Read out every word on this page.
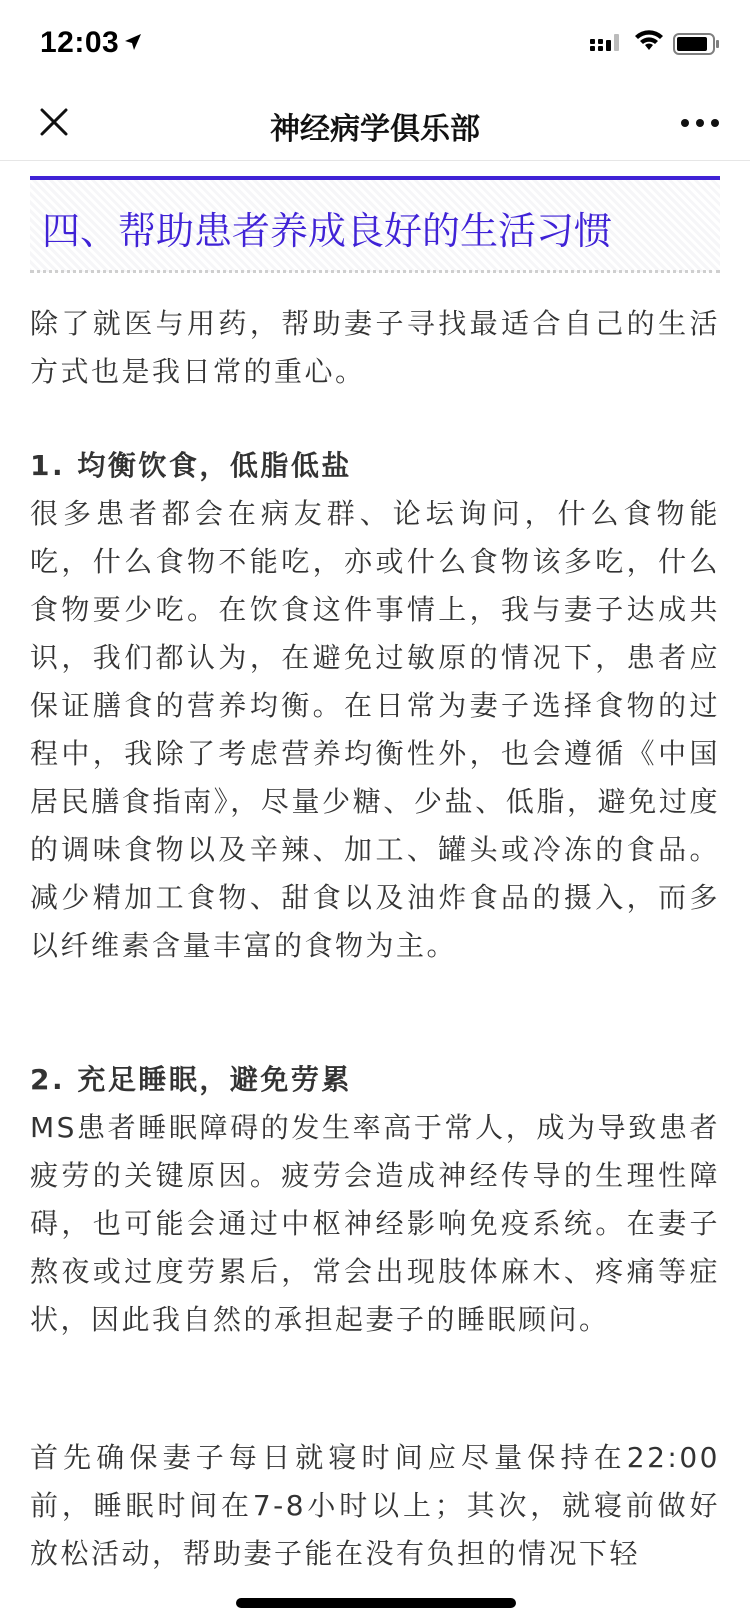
12:03
神经病学俱乐部
四、帮助患者养成良好的生活习惯

除了就医与用药，帮助妻子寻找最适合自己的生活方式也是我日常的重心。

1. 均衡饮食，低脂低盐

很多患者都会在病友群、论坛询问，什么食物能吃，什么食物不能吃，亦或什么食物该多吃，什么食物要少吃。在饮食这件事情上，我与妻子达成共识，我们都认为，在避免过敏原的情况下，患者应保证膳食的营养均衡。在日常为妻子选择食物的过程中，我除了考虑营养均衡性外，也会遵循《中国居民膳食指南》，尽量少糖、少盐、低脂，避免过度的调味食物以及辛辣、加工、罐头或冷冻的食品。减少精加工食物、甜食以及油炸食品的摄入，而多以纤维素含量丰富的食物为主。

2. 充足睡眠，避免劳累

MS患者睡眠障碍的发生率高于常人，成为导致患者疲劳的关键原因。疲劳会造成神经传导的生理性障碍，也可能会通过中枢神经影响免疫系统。在妻子熬夜或过度劳累后，常会出现肢体麻木、疼痛等症状，因此我自然的承担起妻子的睡眠顾问。

首先确保妻子每日就寝时间应尽量保持在22:00前，睡眠时间在7-8小时以上；其次，就寝前做好放松活动，帮助妻子能在没有负担的情况下轻
